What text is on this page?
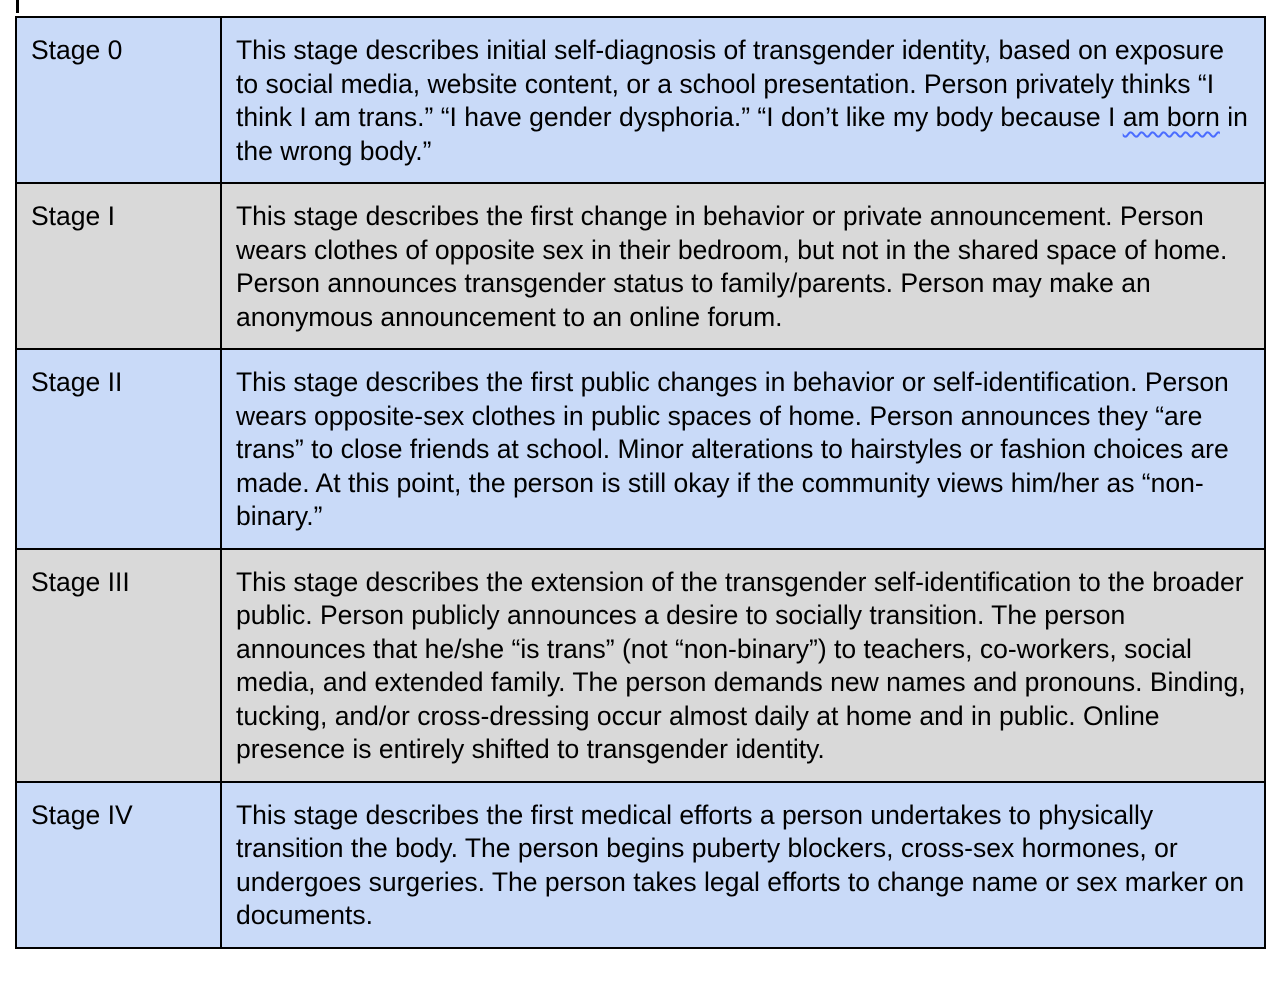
Stage 0	This stage describes initial self-diagnosis of transgender identity, based on exposure to social media, website content, or a school presentation. Person privately thinks “I think I am trans.” “I have gender dysphoria.” “I don’t like my body because I am born in the wrong body.”
Stage I	This stage describes the first change in behavior or private announcement. Person wears clothes of opposite sex in their bedroom, but not in the shared space of home. Person announces transgender status to family/parents. Person may make an anonymous announcement to an online forum.
Stage II	This stage describes the first public changes in behavior or self-identification. Person wears opposite-sex clothes in public spaces of home. Person announces they “are trans” to close friends at school. Minor alterations to hairstyles or fashion choices are made. At this point, the person is still okay if the community views him/her as “non-binary.”
Stage III	This stage describes the extension of the transgender self-identification to the broader public. Person publicly announces a desire to socially transition. The person announces that he/she “is trans” (not “non-binary”) to teachers, co-workers, social media, and extended family. The person demands new names and pronouns. Binding, tucking, and/or cross-dressing occur almost daily at home and in public. Online presence is entirely shifted to transgender identity.
Stage IV	This stage describes the first medical efforts a person undertakes to physically transition the body. The person begins puberty blockers, cross-sex hormones, or undergoes surgeries. The person takes legal efforts to change name or sex marker on documents.
